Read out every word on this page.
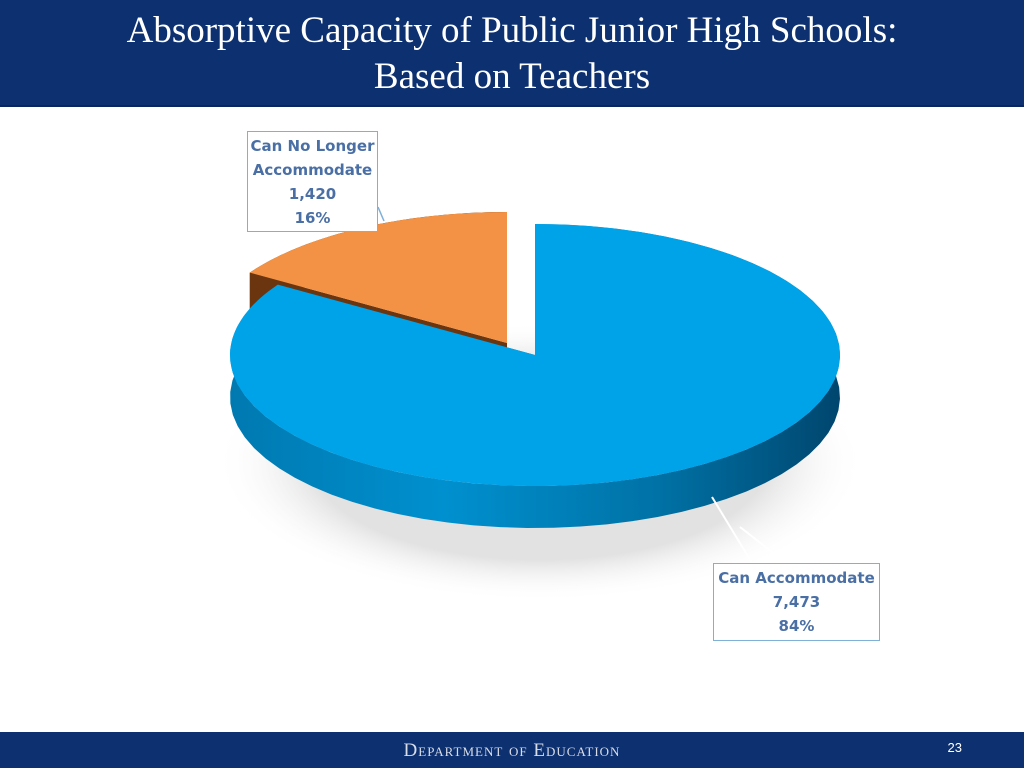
Absorptive Capacity of Public Junior High Schools:
Based on Teachers
Can No Longer
Accommodate
1,420
16%
Can Accommodate
7,473
84%
Department of Education	23
